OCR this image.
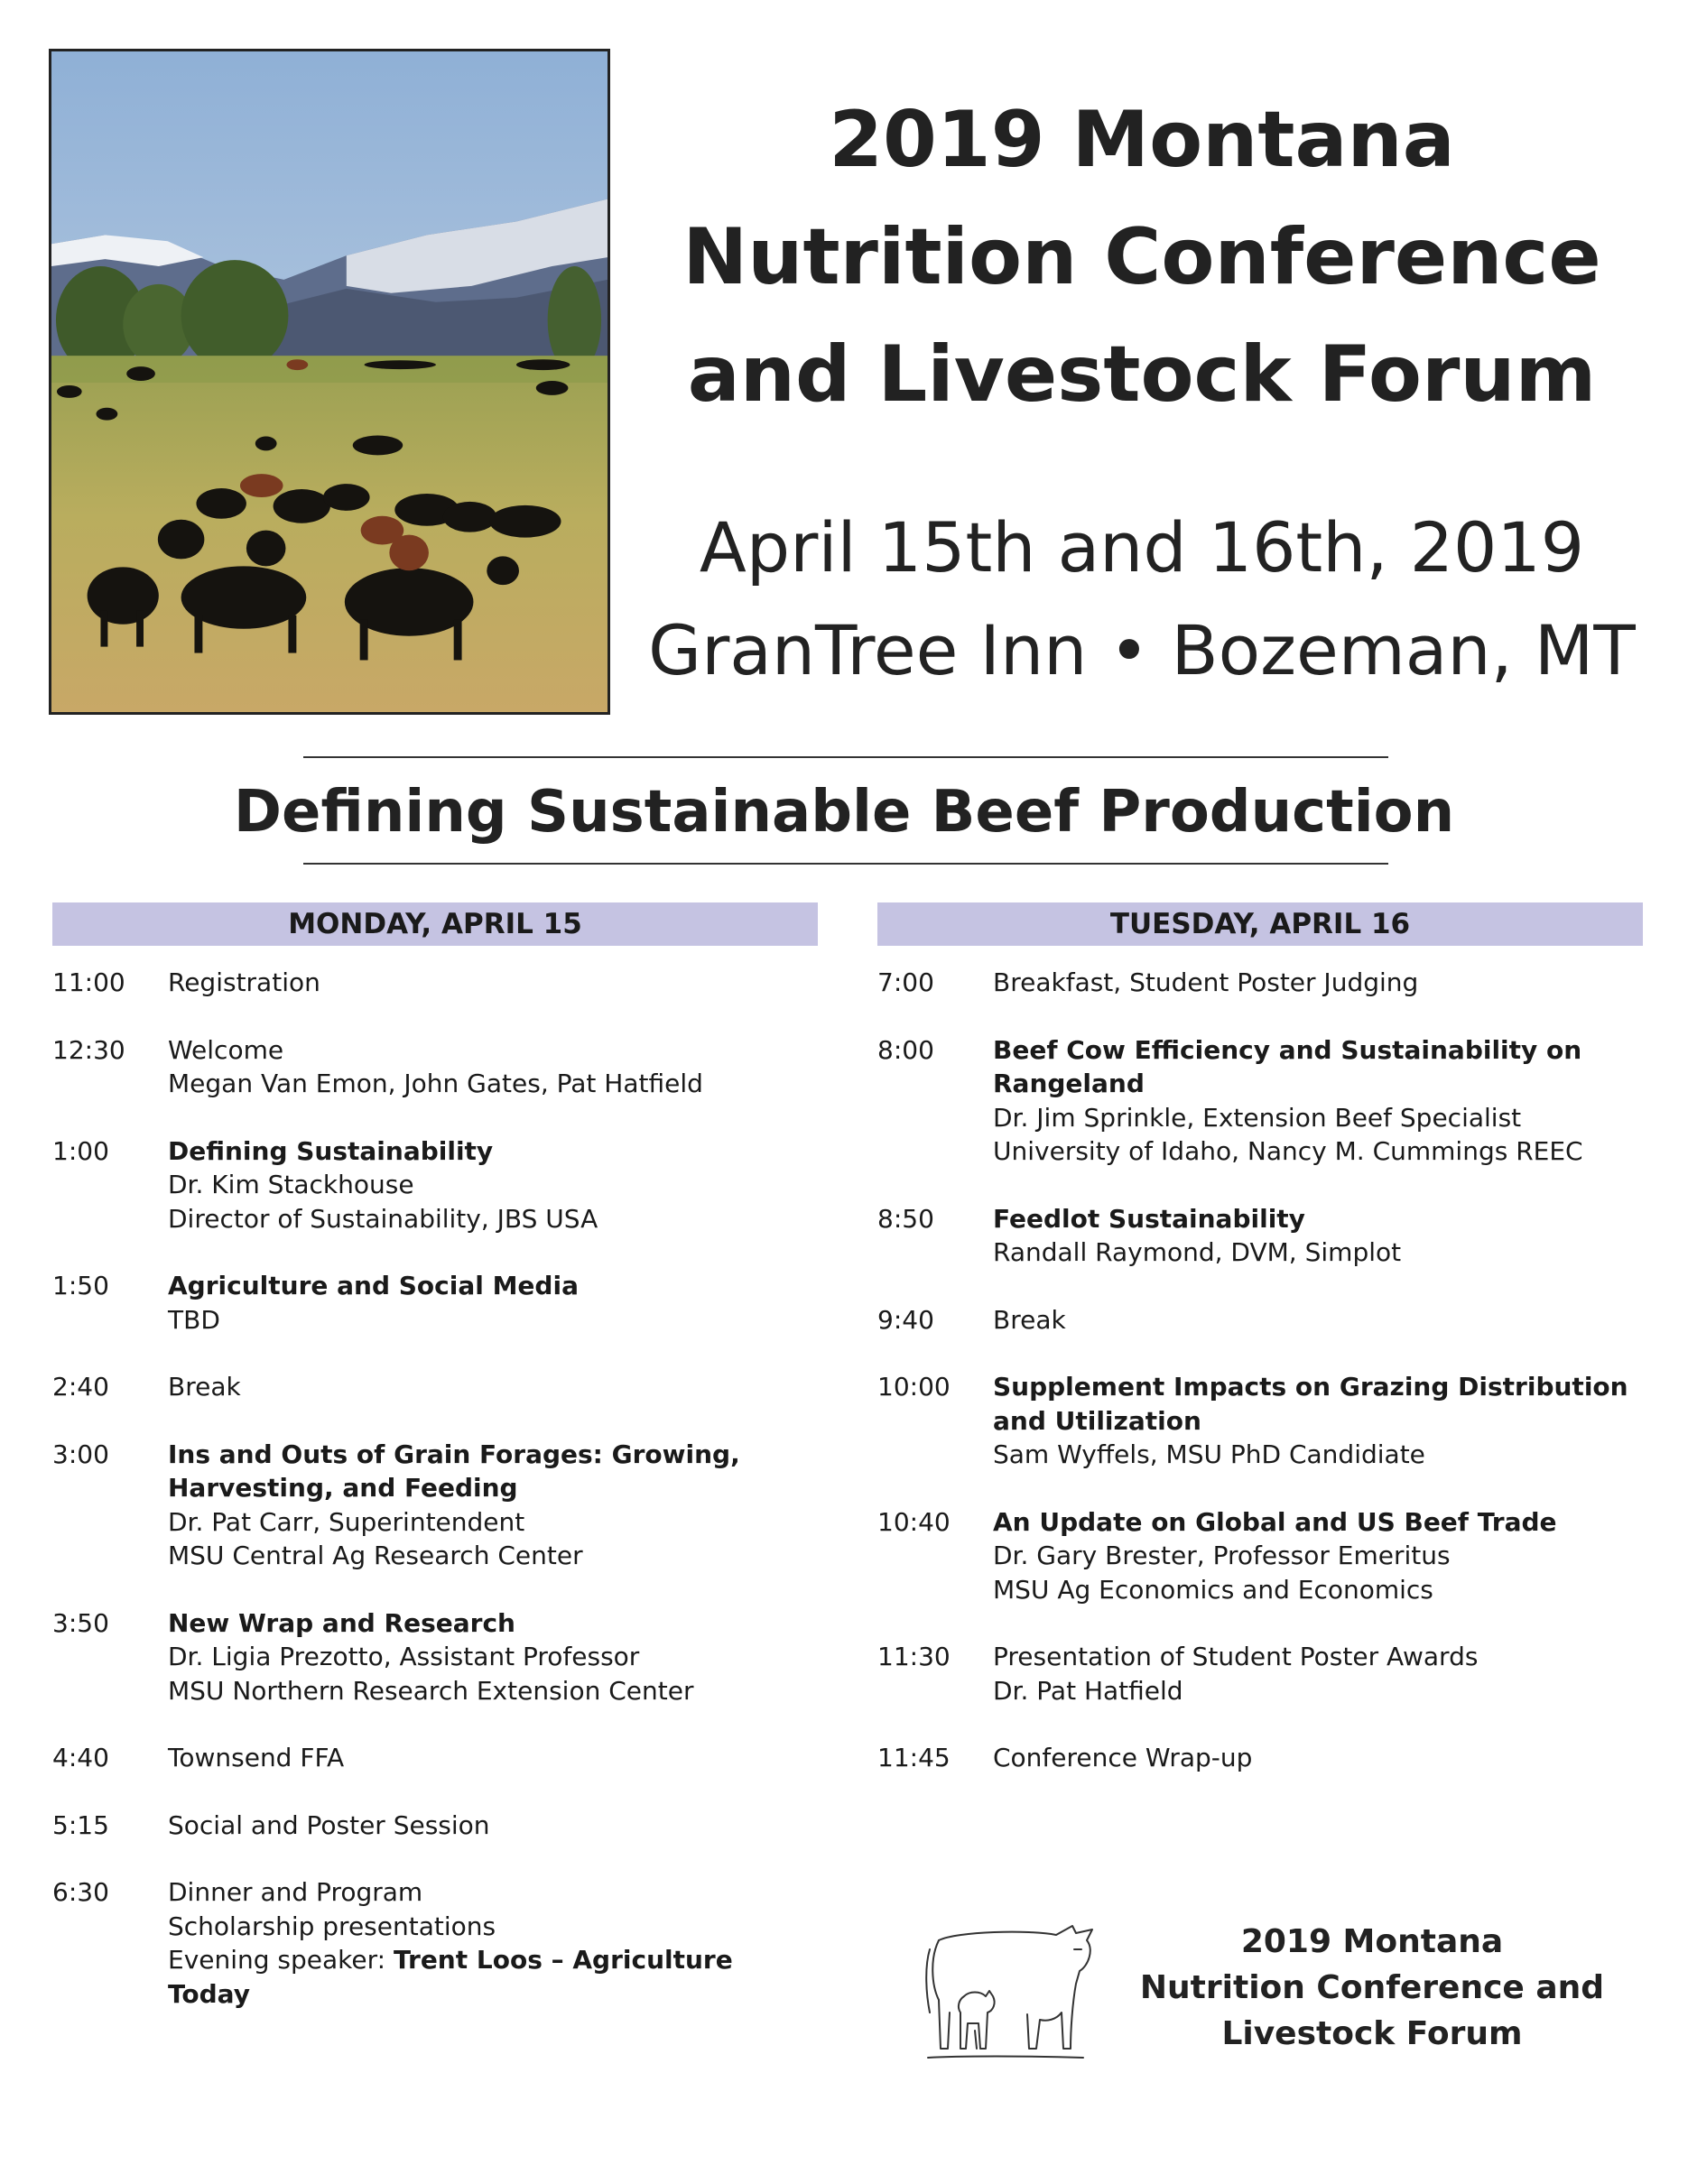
2019 Montana
Nutrition Conference
and Livestock Forum
April 15th and 16th, 2019
GranTree Inn • Bozeman, MT
Defining Sustainable Beef Production
MONDAY, APRIL 15
11:00	Registration
12:30	Welcome
Megan Van Emon, John Gates, Pat Hatfield
1:00	Defining Sustainability
Dr. Kim Stackhouse
Director of Sustainability, JBS USA
1:50	Agriculture and Social Media
TBD
2:40	Break
3:00	Ins and Outs of Grain Forages: Growing,
Harvesting, and Feeding
Dr. Pat Carr, Superintendent
MSU Central Ag Research Center
3:50	New Wrap and Research
Dr. Ligia Prezotto, Assistant Professor
MSU Northern Research Extension Center
4:40	Townsend FFA
5:15	Social and Poster Session
6:30	Dinner and Program
Scholarship presentations
Evening speaker: Trent Loos – Agriculture Today
TUESDAY, APRIL 16
7:00	Breakfast, Student Poster Judging
8:00	Beef Cow Efficiency and Sustainability on
Rangeland
Dr. Jim Sprinkle, Extension Beef Specialist
University of Idaho, Nancy M. Cummings REEC
8:50	Feedlot Sustainability
Randall Raymond, DVM, Simplot
9:40	Break
10:00	Supplement Impacts on Grazing Distribution
and Utilization
Sam Wyffels, MSU PhD Candidiate
10:40	An Update on Global and US Beef Trade
Dr. Gary Brester, Professor Emeritus
MSU Ag Economics and Economics
11:30	Presentation of Student Poster Awards
Dr. Pat Hatfield
11:45	Conference Wrap-up
2019 Montana
Nutrition Conference and
Livestock Forum
